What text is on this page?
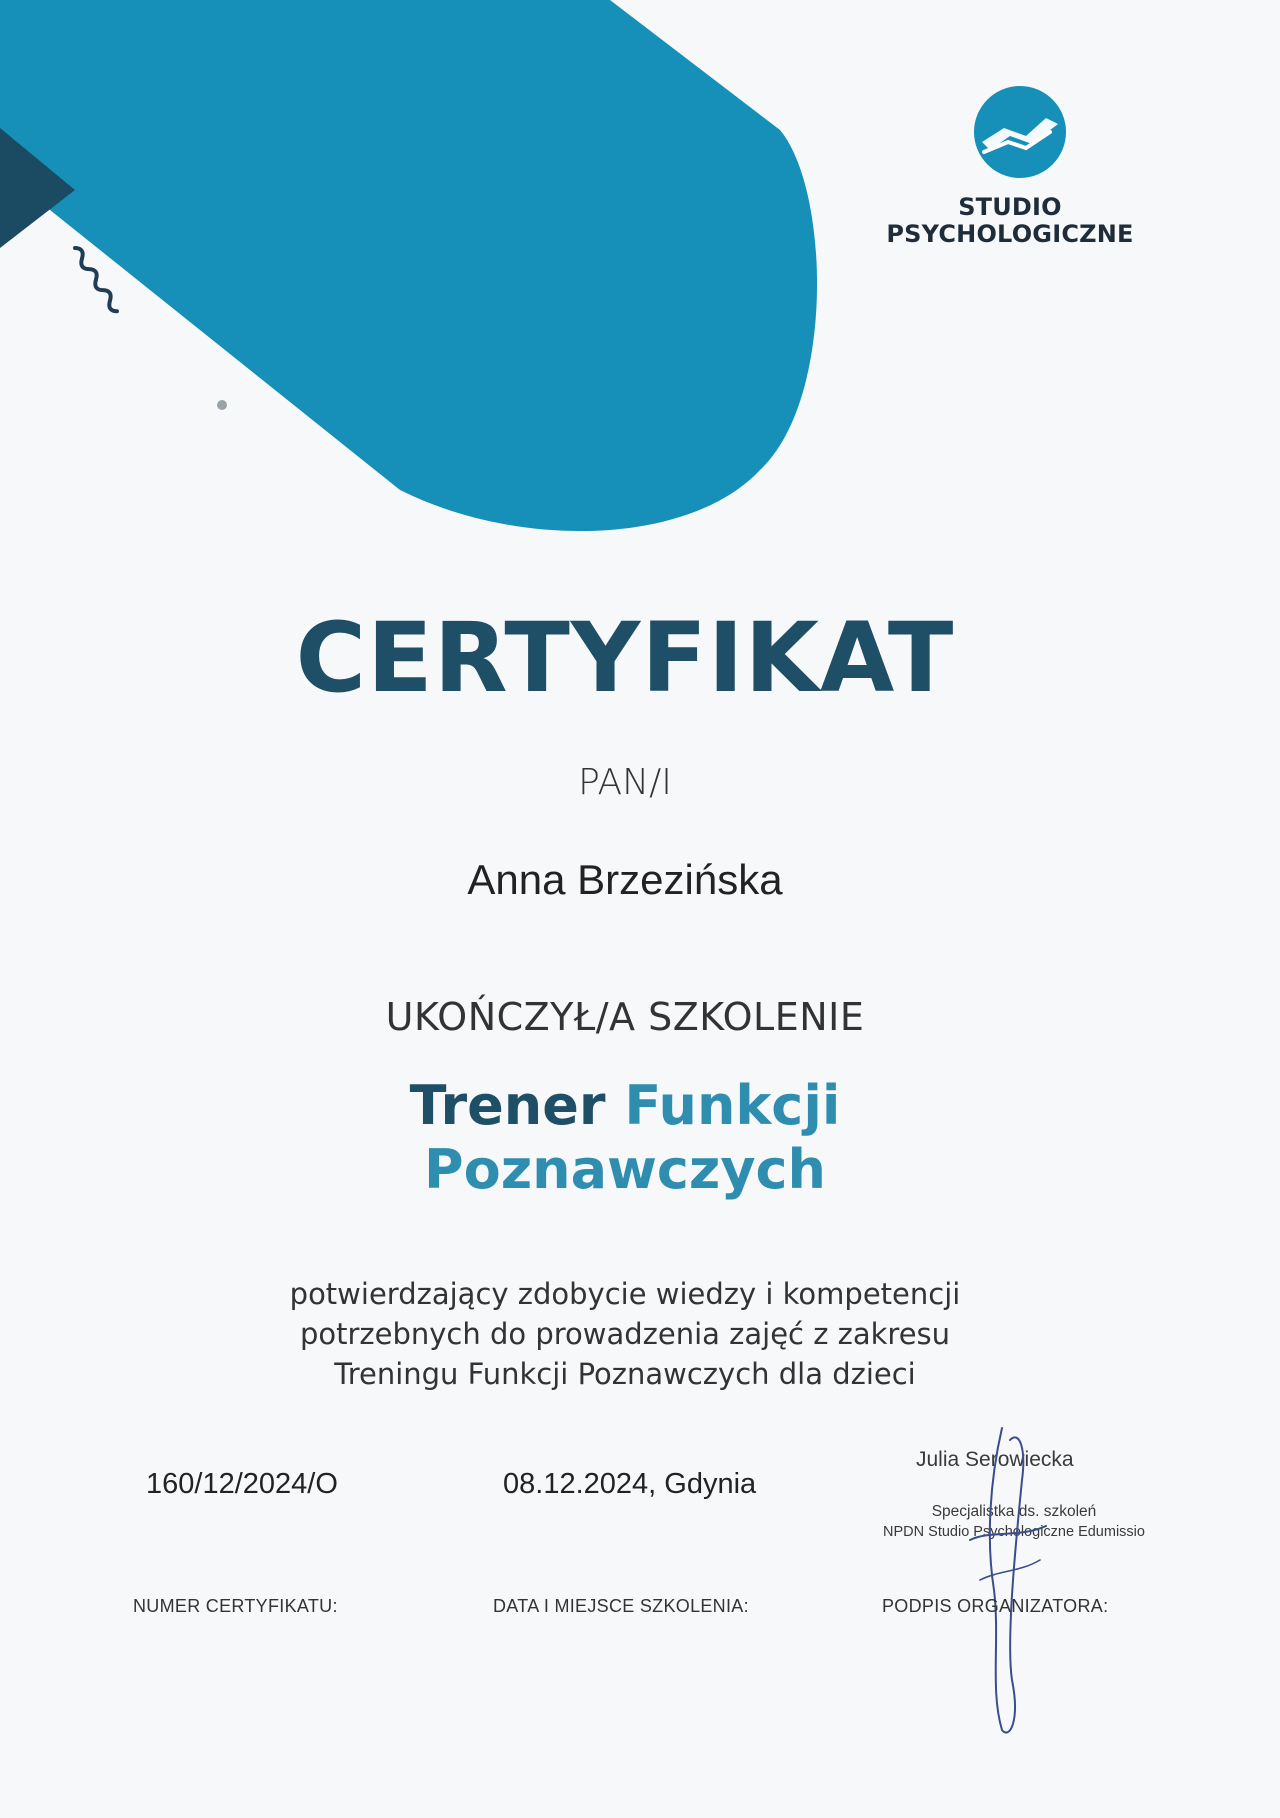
STUDIO
PSYCHOLOGICZNE
CERTYFIKAT
PAN/I
Anna Brzezińska
UKOŃCZYŁ/A SZKOLENIE
Trener Funkcji
Poznawczych
potwierdzający zdobycie wiedzy i kompetencji
potrzebnych do prowadzenia zajęć z zakresu
Treningu Funkcji Poznawczych dla dzieci
160/12/2024/O	08.12.2024, Gdynia
Julia Serowiecka
Specjalistka ds. szkoleń
NPDN Studio Psychologiczne Edumissio
NUMER CERTYFIKATU:	DATA I MIEJSCE SZKOLENIA:	PODPIS ORGANIZATORA:
